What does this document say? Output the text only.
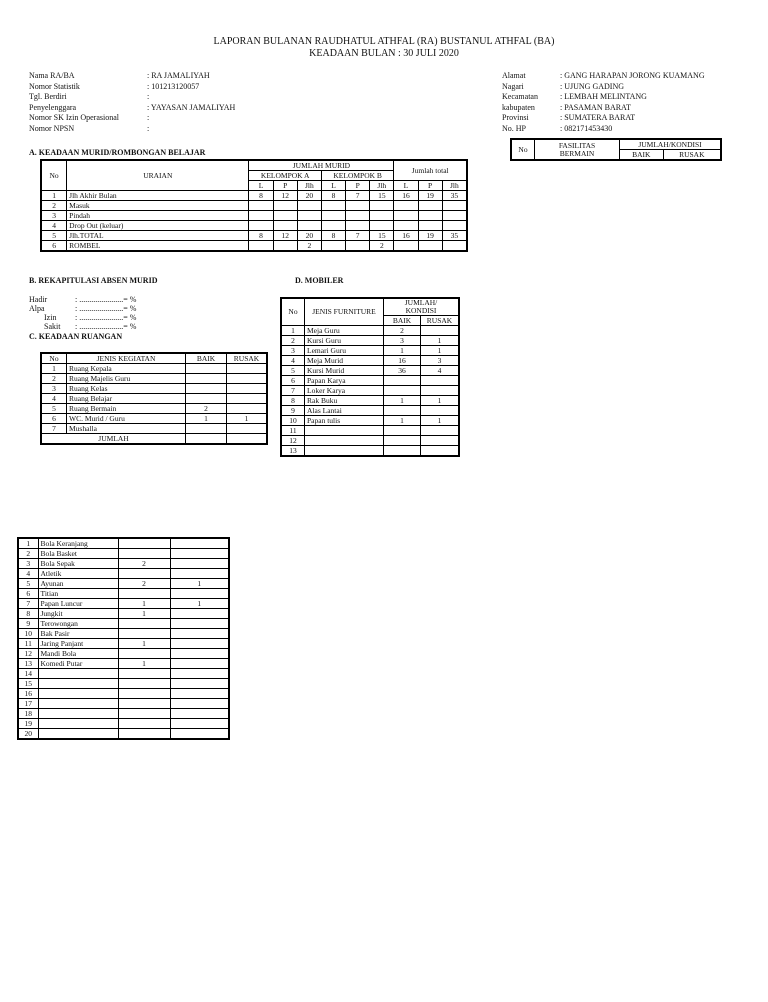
LAPORAN BULANAN RAUDHATUL ATHFAL (RA) BUSTANUL ATHFAL (BA)
KEADAAN BULAN : 30 JULI 2020
Nama RA/BA	: RA JAMALIYAH
Nomor Statistik	: 101213120057
Tgl. Berdiri	:
Penyelenggara	: YAYASAN JAMALIYAH
Nomor SK Izin Operasional	:
Nomor NPSN	:
Alamat	: GANG HARAPAN JORONG KUAMANG
Nagari	: UJUNG GADING
Kecamatan	: LEMBAH MELINTANG
kabupaten	: PASAMAN BARAT
Provinsi	: SUMATERA BARAT
No. HP	: 082171453430
No	FASILITAS
BERMAIN	JUMLAH/KONDISI	
		BAIK	RUSAK
A. KEADAAN MURID/ROMBONGAN BELAJAR
No	URAIAN	JUMLAH MURID						Jumlah total		
		KELOMPOK A			KELOMPOK B					
		L	P	Jlh	L	P	Jlh	L	P	Jlh
1	Jlh Akhir Bulan	8	12	20	8	7	15	16	19	35
2	Masuk									
3	Pindah									
4	Drop Out (keluar)									
5	Jlh.TOTAL	8	12	20	8	7	15	16	19	35
6	ROMBEL			2			2			
B. REKAPITULASI ABSEN MURID
Hadir	: ......................= %
Alpa	: ......................= %
Izin	: ......................= %
Sakit	: ......................= %
C. KEADAAN RUANGAN
No	JENIS KEGIATAN	BAIK	RUSAK
1	Ruang Kepala		
2	Ruang Majelis Guru		
3	Ruang Kelas		
4	Ruang Belajar		
5	Ruang Bermain	2	
6	WC. Murid / Guru	1	1
7	Mushalla		
JUMLAH			
D. MOBILER
No	JENIS FURNITURE	JUMLAH/
KONDISI	

		BAIK	RUSAK
1	Meja Guru	2	
2	Kursi Guru	3	1
3	Lemari Guru	1	1
4	Meja Murid	16	3
5	Kursi Murid	36	4
6	Papan Karya		
7	Loker Karya		
8	Rak Buku	1	1
9	Alas Lantai		
10	Papan tulis	1	1
11			
12			
13			
1	Bola Keranjang		
2	Bola Basket		
3	Bola Sepak	2	
4	Atletik		
5	Ayunan	2	1
6	Titian		
7	Papan Luncur	1	1
8	Jungkit	1	
9	Terowongan		
10	Bak Pasir		
11	Jaring Panjant	1	
12	Mandi Bola		
13	Komedi Putar	1	
14			
15			
16			
17			
18			
19			
20			
